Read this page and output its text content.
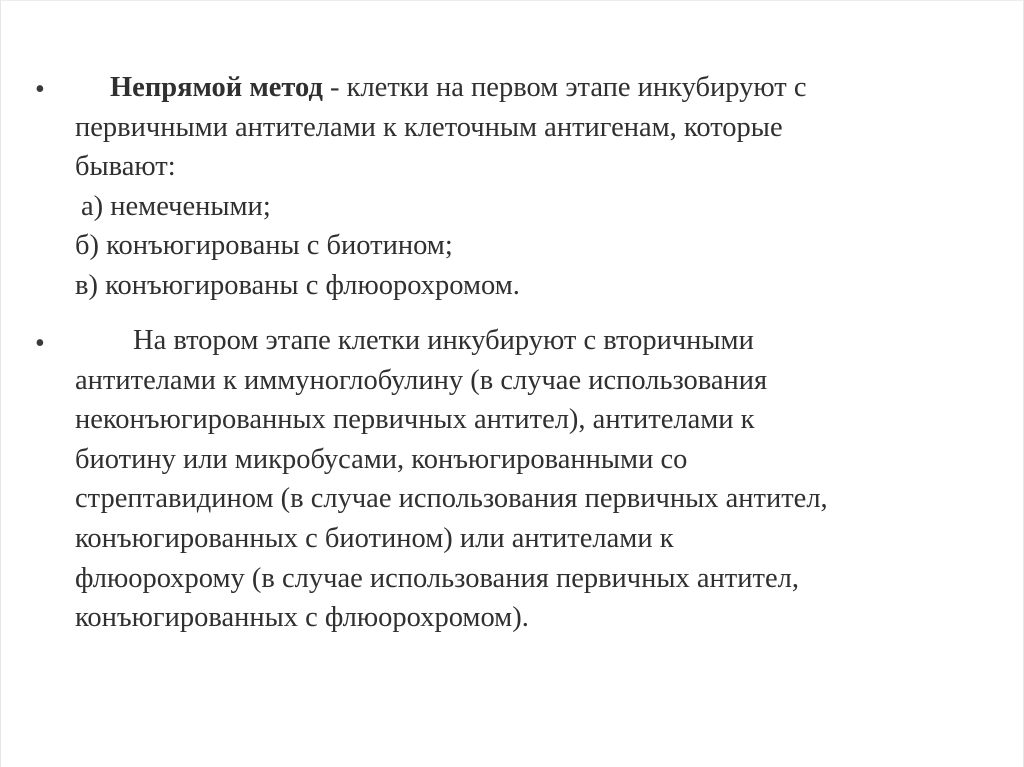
•	Непрямой метод - клетки на первом этапе инкубируют с
первичными антителами к клеточным антигенам, которые
бывают:
а) немечеными;
б) конъюгированы с биотином;
в) конъюгированы с флюорохромом.
•	На втором этапе клетки инкубируют с вторичными
антителами к иммуноглобулину (в случае использования
неконъюгированных первичных антител), антителами к
биотину или микробусами, конъюгированными со
стрептавидином (в случае использования первичных антител,
конъюгированных с биотином) или антителами к
флюорохрому (в случае использования первичных антител,
конъюгированных с флюорохромом).
